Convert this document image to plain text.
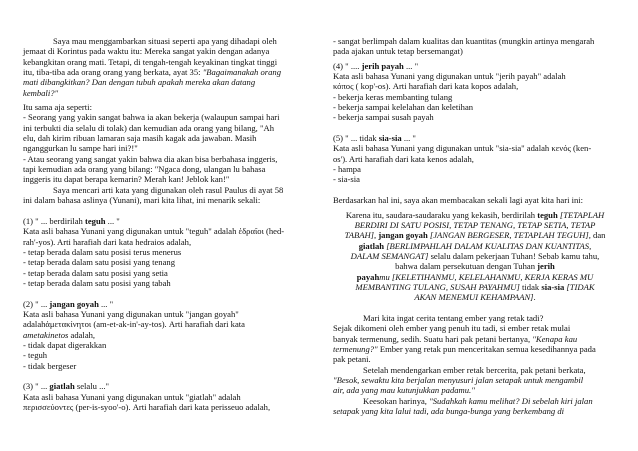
Saya mau menggambarkan situasi seperti apa yang dihadapi oleh

jemaat di Korintus pada waktu itu: Mereka sangat yakin dengan adanya

kebangkitan orang mati. Tetapi, di tengah-tengah keyakinan tingkat tinggi

itu, tiba-tiba ada orang orang yang berkata, ayat 35: "Bagaimanakah orang

mati dibangkitkan? Dan dengan tubuh apakah mereka akan datang

kembali?"

Itu sama aja seperti:

- Seorang yang yakin sangat bahwa ia akan bekerja (walaupun sampai hari

ini terbukti dia selalu di tolak) dan kemudian ada orang yang bilang, "Ah

elu, dah kirim ribuan lamaran saja masih kagak ada jawaban. Masih

nganggurkan lu sampe hari ini?!"

- Atau seorang yang sangat yakin bahwa dia akan bisa berbahasa inggeris,

tapi kemudian ada orang yang bilang: "Ngaca dong, ulangan lu bahasa

inggeris itu dapat berapa kemarin? Merah kan! Jeblok kan!"

Saya mencari arti kata yang digunakan oleh rasul Paulus di ayat 58

ini dalam bahasa aslinya (Yunani), mari kita lihat, ini menarik sekali:

(1) " ... berdirilah teguh ... "

Kata asli bahasa Yunani yang digunakan untuk "teguh" adalah ἑδραῖοι (hed-

rah'-yos). Arti harafiah dari kata hedraios adalah,

- tetap berada dalam satu posisi terus menerus

- tetap berada dalam satu posisi yang tenang

- tetap berada dalam satu posisi yang setia

- tetap berada dalam satu posisi yang tabah

(2) " ... jangan goyah ... "

Kata asli bahasa Yunani yang digunakan untuk "jangan goyah"

adalahἀμετακίνητοι (am-et-ak-in'-ay-tos). Arti harafiah dari kata

ametakinetos adalah,

- tidak dapat digerakkan

- teguh

- tidak bergeser

(3) " ... giatlah selalu ..."

Kata asli bahasa Yunani yang digunakan untuk "giatlah" adalah

περισσεύοντες (per-is-syoo'-o). Arti harafiah dari kata perisseuo adalah,

- sangat berlimpah dalam kualitas dan kuantitas (mungkin artinya mengarah

pada ajakan untuk tetap bersemangat)

(4) " .... jerih payah ... "

Kata asli bahasa Yunani yang digunakan untuk "jerih payah" adalah

κόπος ( kop'-os). Arti harafiah dari kata kopos adalah,

- bekerja keras membanting tulang

- bekerja sampai kelelahan dan keletihan

- bekerja sampai susah payah

(5) " ... tidak sia-sia ... "

Kata asli bahasa Yunani yang digunakan untuk "sia-sia" adalah κενός (ken-

os'). Arti harafiah dari kata kenos adalah,

- hampa

- sia-sia

Berdasarkan hal ini, saya akan membacakan sekali lagi ayat kita hari ini:

Karena itu, saudara-saudaraku yang kekasih, berdirilah teguh [TETAPLAH

BERDIRI DI SATU POSISI, TETAP TENANG, TETAP SETIA, TETAP

TABAH], jangan goyah [JANGAN BERGESER, TETAPLAH TEGUH], dan

giatlah [BERLIMPAHLAH DALAM KUALITAS DAN KUANTITAS,

DALAM SEMANGAT] selalu dalam pekerjaan Tuhan! Sebab kamu tahu,

bahwa dalam persekutuan dengan Tuhan jerih

payahmu [KELETIHANMU, KELELAHANMU, KERJA KERAS MU

MEMBANTING TULANG, SUSAH PAYAHMU] tidak sia-sia [TIDAK

AKAN MENEMUI KEHAMPAAN].

Mari kita ingat cerita tentang ember yang retak tadi?

Sejak dikomeni oleh ember yang penuh itu tadi, si ember retak mulai

banyak termenung, sedih. Suatu hari pak petani bertanya, "Kenapa kau

termenung?" Ember yang retak pun menceritakan semua kesedihannya pada

pak petani.

Setelah mendengarkan ember retak bercerita, pak petani berkata,

"Besok, sewaktu kita berjalan menyusuri jalan setapak untuk mengambil

air, ada yang mau kutunjukkan padamu."

Keesokan harinya, "Sudahkah kamu melihat? Di sebelah kiri jalan

setapak yang kita lalui tadi, ada bunga-bunga yang berkembang di
